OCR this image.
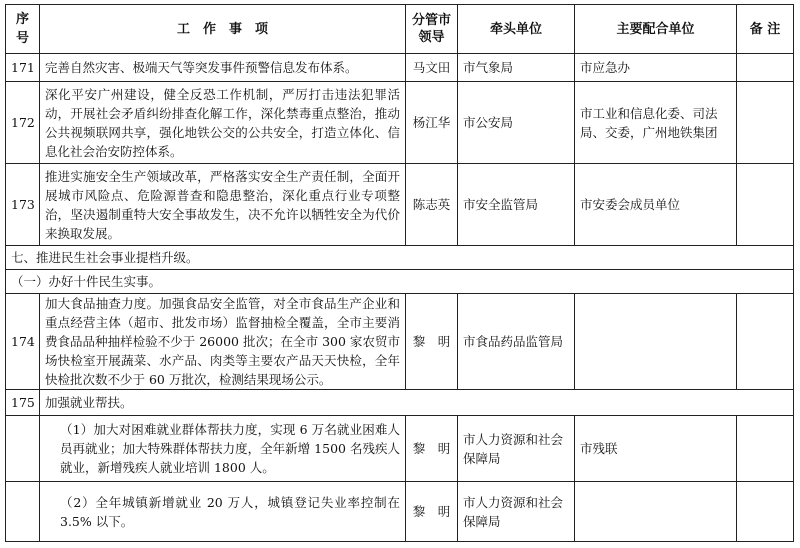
序号	工　作　事　项	分管市领导	牵头单位	主要配合单位	备 注
171	完善自然灾害、极端天气等突发事件预警信息发布体系。	马文田	市气象局	市应急办	
172	深化平安广州建设，健全反恐工作机制，严厉打击违法犯罪活动，开展社会矛盾纠纷排查化解工作，深化禁毒重点整治，推动公共视频联网共享，强化地铁公交的公共安全，打造立体化、信息化社会治安防控体系。	杨江华	市公安局	市工业和信息化委、司法局、交委，广州地铁集团	
173	推进实施安全生产领域改革，严格落实安全生产责任制，全面开展城市风险点、危险源普查和隐患整治，深化重点行业专项整治，坚决遏制重特大安全事故发生，决不允许以牺牲安全为代价来换取发展。	陈志英	市安全监管局	市安委会成员单位	
七、推进民生社会事业提档升级。					
（一）办好十件民生实事。					
174	加大食品抽查力度。加强食品安全监管，对全市食品生产企业和重点经营主体（超市、批发市场）监督抽检全覆盖，全市主要消费食品品种抽样检验不少于 26000 批次；在全市 300 家农贸市场快检室开展蔬菜、水产品、肉类等主要农产品天天快检，全年快检批次数不少于 60 万批次，检测结果现场公示。	黎　明	市食品药品监管局		
175	加强就业帮扶。				
	（1）加大对困难就业群体帮扶力度，实现 6 万名就业困难人员再就业；加大特殊群体帮扶力度，全年新增 1500 名残疾人就业，新增残疾人就业培训 1800 人。	黎　明	市人力资源和社会保障局	市残联	
	（2）全年城镇新增就业 20 万人，城镇登记失业率控制在 3.5% 以下。	黎　明	市人力资源和社会保障局		
